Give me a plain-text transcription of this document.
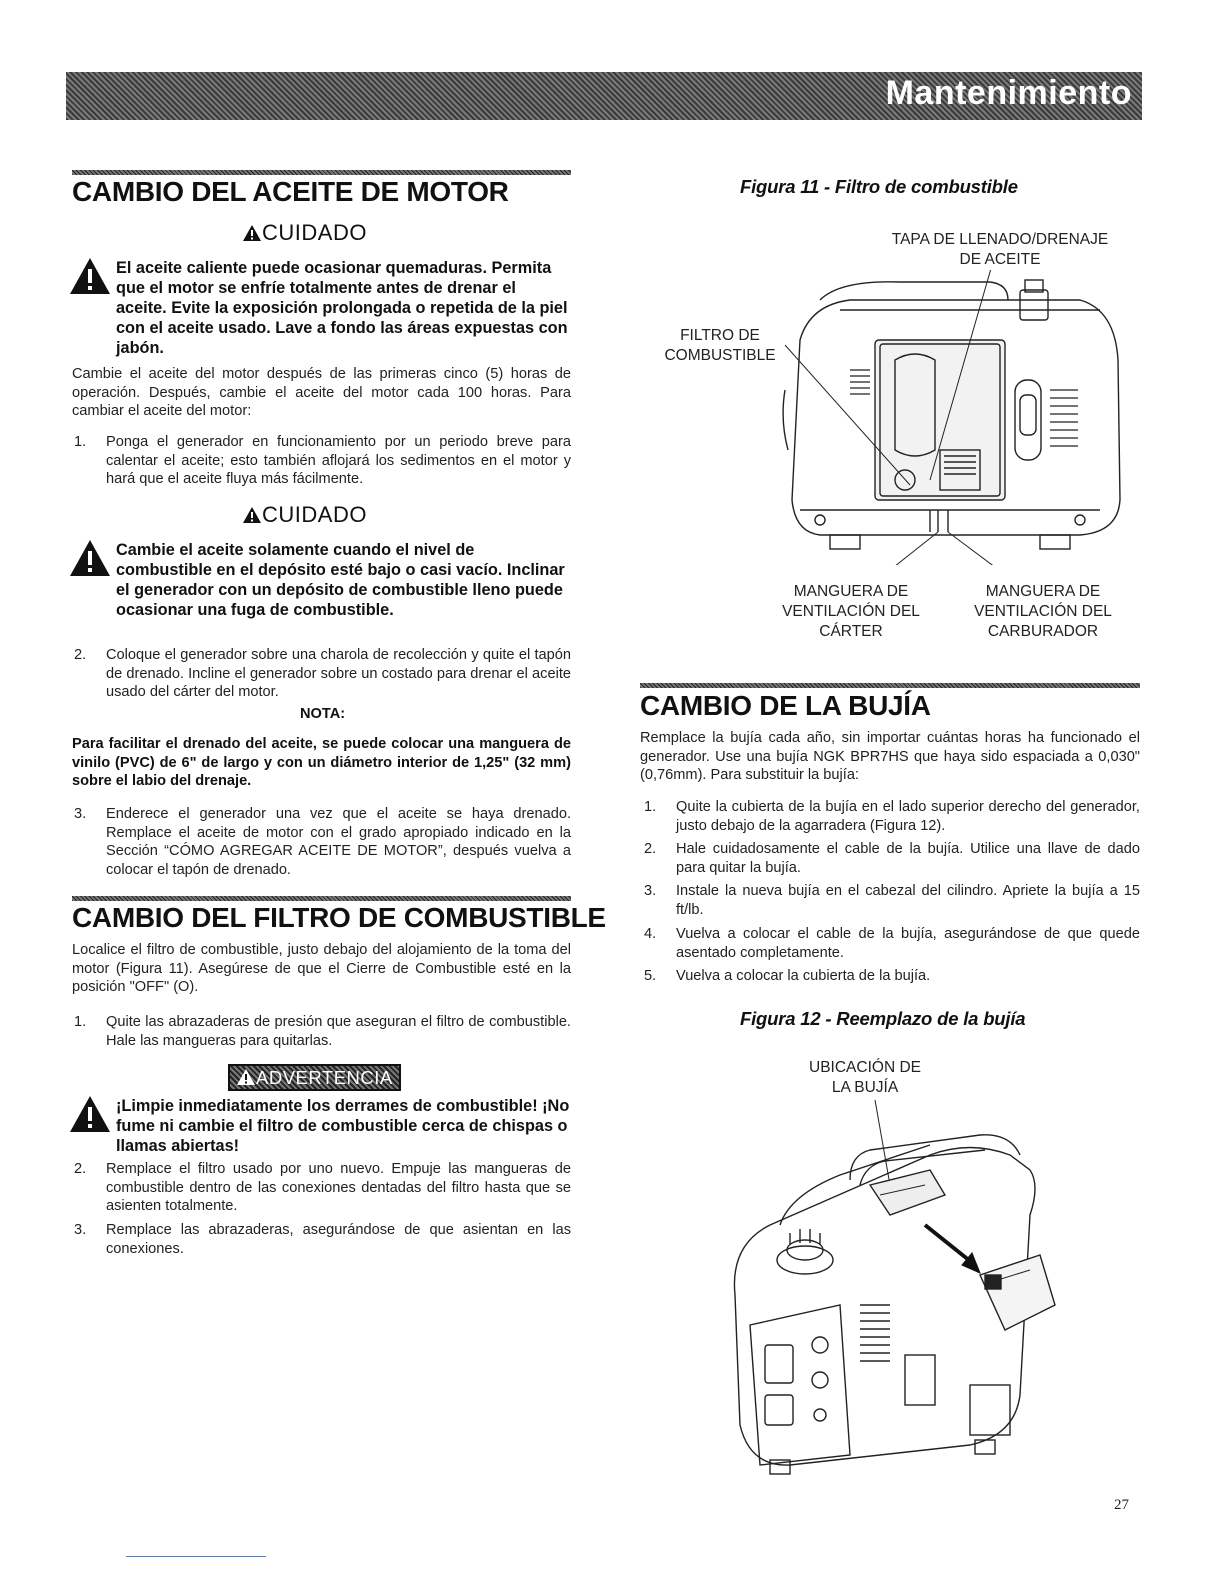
Mantenimiento
CAMBIO DEL ACEITE DE MOTOR
CUIDADO
El aceite caliente puede ocasionar quemaduras. Permita que el motor se enfríe totalmente antes de drenar el aceite. Evite la exposición prolongada o repetida de la piel con el aceite usado. Lave a fondo las áreas expuestas con jabón.
Cambie el aceite del motor después de las primeras cinco (5) horas de operación. Después, cambie el aceite del motor cada 100 horas. Para cambiar el aceite del motor:
1. Ponga el generador en funcionamiento por un periodo breve para calentar el aceite; esto también aflojará los sedimentos en el motor y hará que el aceite fluya más fácilmente.
CUIDADO
Cambie el aceite solamente cuando el nivel de combustible en el depósito esté bajo o casi vacío. Inclinar el generador con un depósito de combustible lleno puede ocasionar una fuga de combustible.
2. Coloque el generador sobre una charola de recolección y quite el tapón de drenado. Incline el generador sobre un costado para drenar el aceite usado del cárter del motor.
NOTA:
Para facilitar el drenado del aceite, se puede colocar una manguera de vinilo (PVC) de 6" de largo y con un diámetro interior de 1,25" (32 mm) sobre el labio del drenaje.
3. Enderece el generador una vez que el aceite se haya drenado. Remplace el aceite de motor con el grado apropiado indicado en la Sección “CÓMO AGREGAR ACEITE DE MOTOR”, después vuelva a colocar el tapón de drenado.
CAMBIO DEL FILTRO DE COMBUSTIBLE
Localice el filtro de combustible, justo debajo del alojamiento de la toma del motor (Figura 11). Asegúrese de que el Cierre de Combustible esté en la posición "OFF" (O).
1. Quite las abrazaderas de presión que aseguran el filtro de combustible. Hale las mangueras para quitarlas.
ADVERTENCIA
¡Limpie inmediatamente los derrames de combustible! ¡No fume ni cambie el filtro de combustible cerca de chispas o llamas abiertas!
2. Remplace el filtro usado por uno nuevo. Empuje las mangueras de combustible dentro de las conexiones dentadas del filtro hasta que se asienten totalmente.
3. Remplace las abrazaderas, asegurándose de que asientan en las conexiones.
Figura 11 - Filtro de combustible
TAPA DE LLENADO/DRENAJE
DE ACEITE
FILTRO DE
COMBUSTIBLE
MANGUERA DE
VENTILACIÓN DEL
CÁRTER
MANGUERA DE
VENTILACIÓN DEL
CARBURADOR
CAMBIO DE LA BUJÍA
Remplace la bujía cada año, sin importar cuántas horas ha funcionado el generador. Use una bujía NGK BPR7HS que haya sido espaciada a 0,030" (0,76mm). Para substituir la bujía:
1. Quite la cubierta de la bujía en el lado superior derecho del generador, justo debajo de la agarradera (Figura 12).
2. Hale cuidadosamente el cable de la bujía. Utilice una llave de dado para quitar la bujía.
3. Instale la nueva bujía en el cabezal del cilindro. Apriete la bujía a 15 ft/lb.
4. Vuelva a colocar el cable de la bujía, asegurándose de que quede asentado completamente.
5. Vuelva a colocar la cubierta de la bujía.
Figura 12 - Reemplazo de la bujía
UBICACIÓN DE
LA BUJÍA
27
